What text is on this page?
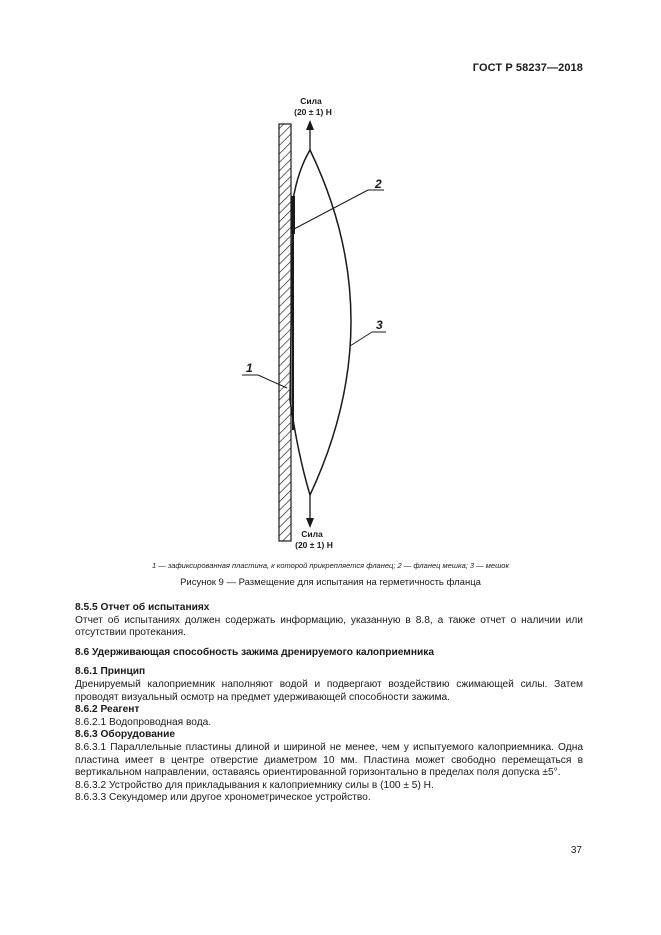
ГОСТ Р 58237—2018
Сила
(20 ± 1) Н
Сила
(20 ± 1) Н
2
3
1
1 — зафиксированная пластина, к которой прикрепляется фланец; 2 — фланец мешка; 3 — мешок
Рисунок 9 — Размещение для испытания на герметичность фланца
8.5.5 Отчет об испытаниях
Отчет об испытаниях должен содержать информацию, указанную в 8.8, а также отчет о наличии или отсутствии протекания.
8.6 Удерживающая способность зажима дренируемого калоприемника
8.6.1 Принцип
Дренируемый калоприемник наполняют водой и подвергают воздействию сжимающей силы. Затем проводят визуальный осмотр на предмет удерживающей способности зажима.
8.6.2 Реагент
8.6.2.1 Водопроводная вода.
8.6.3 Оборудование
8.6.3.1 Параллельные пластины длиной и шириной не менее, чем у испытуемого калоприемника. Одна пластина имеет в центре отверстие диаметром 10 мм. Пластина может свободно перемещаться в вертикальном направлении, оставаясь ориентированной горизонтально в пределах поля допуска ±5°.
8.6.3.2 Устройство для прикладывания к калоприемнику силы в (100 ± 5) Н.
8.6.3.3 Секундомер или другое хронометрическое устройство.
37
